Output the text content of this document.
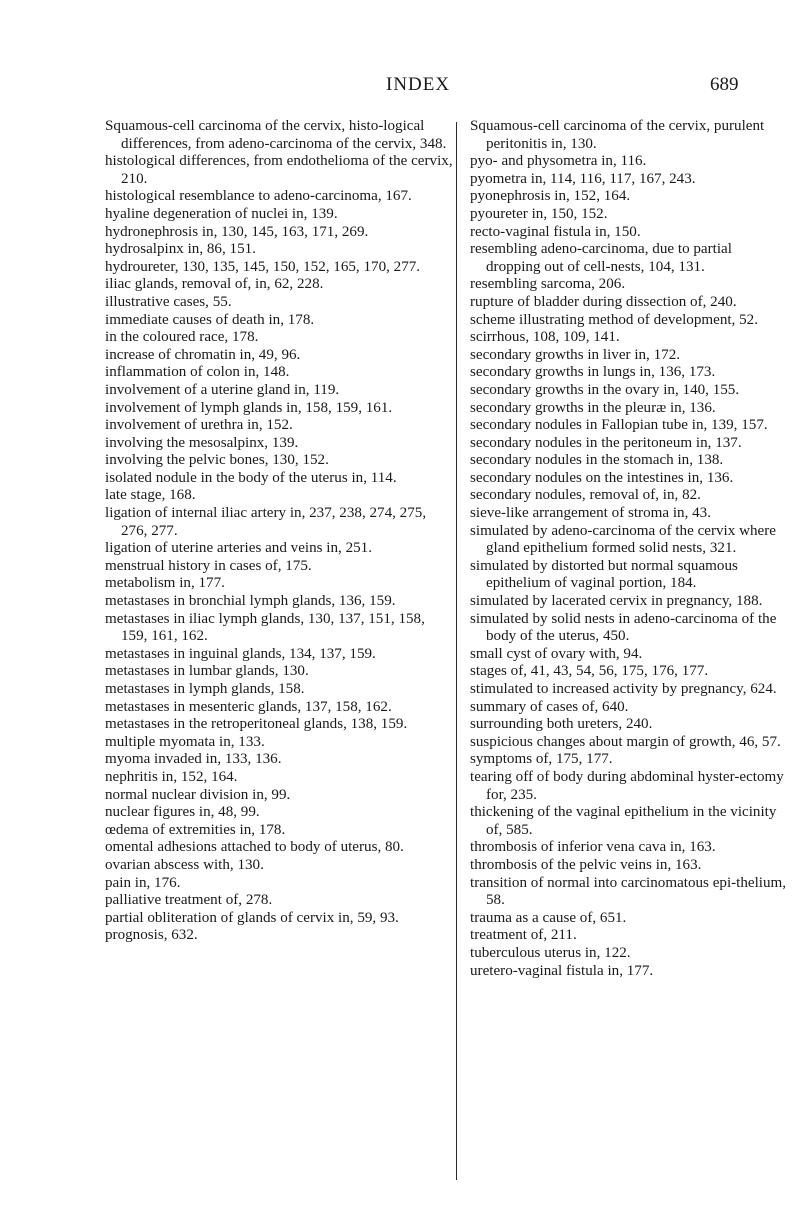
INDEX	689

Squamous-cell carcinoma of the cervix, histo-logical differences, from adeno-carcinoma of the cervix, 348.

histological differences, from endothelioma of the cervix, 210.

histological resemblance to adeno-carcinoma, 167.

hyaline degeneration of nuclei in, 139.

hydronephrosis in, 130, 145, 163, 171, 269.

hydrosalpinx in, 86, 151.

hydroureter, 130, 135, 145, 150, 152, 165, 170, 277.

iliac glands, removal of, in, 62, 228.

illustrative cases, 55.

immediate causes of death in, 178.

in the coloured race, 178.

increase of chromatin in, 49, 96.

inflammation of colon in, 148.

involvement of a uterine gland in, 119.

involvement of lymph glands in, 158, 159, 161.

involvement of urethra in, 152.

involving the mesosalpinx, 139.

involving the pelvic bones, 130, 152.

isolated nodule in the body of the uterus in, 114.

late stage, 168.

ligation of internal iliac artery in, 237, 238, 274, 275, 276, 277.

ligation of uterine arteries and veins in, 251.

menstrual history in cases of, 175.

metabolism in, 177.

metastases in bronchial lymph glands, 136, 159.

metastases in iliac lymph glands, 130, 137, 151, 158, 159, 161, 162.

metastases in inguinal glands, 134, 137, 159.

metastases in lumbar glands, 130.

metastases in lymph glands, 158.

metastases in mesenteric glands, 137, 158, 162.

metastases in the retroperitoneal glands, 138, 159.

multiple myomata in, 133.

myoma invaded in, 133, 136.

nephritis in, 152, 164.

normal nuclear division in, 99.

nuclear figures in, 48, 99.

œdema of extremities in, 178.

omental adhesions attached to body of uterus, 80.

ovarian abscess with, 130.

pain in, 176.

palliative treatment of, 278.

partial obliteration of glands of cervix in, 59, 93.

prognosis, 632.

Squamous-cell carcinoma of the cervix, purulent peritonitis in, 130.

pyo- and physometra in, 116.

pyometra in, 114, 116, 117, 167, 243.

pyonephrosis in, 152, 164.

pyoureter in, 150, 152.

recto-vaginal fistula in, 150.

resembling adeno-carcinoma, due to partial dropping out of cell-nests, 104, 131.

resembling sarcoma, 206.

rupture of bladder during dissection of, 240.

scheme illustrating method of development, 52.

scirrhous, 108, 109, 141.

secondary growths in liver in, 172.

secondary growths in lungs in, 136, 173.

secondary growths in the ovary in, 140, 155.

secondary growths in the pleuræ in, 136.

secondary nodules in Fallopian tube in, 139, 157.

secondary nodules in the peritoneum in, 137.

secondary nodules in the stomach in, 138.

secondary nodules on the intestines in, 136.

secondary nodules, removal of, in, 82.

sieve-like arrangement of stroma in, 43.

simulated by adeno-carcinoma of the cervix where gland epithelium formed solid nests, 321.

simulated by distorted but normal squamous epithelium of vaginal portion, 184.

simulated by lacerated cervix in pregnancy, 188.

simulated by solid nests in adeno-carcinoma of the body of the uterus, 450.

small cyst of ovary with, 94.

stages of, 41, 43, 54, 56, 175, 176, 177.

stimulated to increased activity by pregnancy, 624.

summary of cases of, 640.

surrounding both ureters, 240.

suspicious changes about margin of growth, 46, 57.

symptoms of, 175, 177.

tearing off of body during abdominal hyster-ectomy for, 235.

thickening of the vaginal epithelium in the vicinity of, 585.

thrombosis of inferior vena cava in, 163.

thrombosis of the pelvic veins in, 163.

transition of normal into carcinomatous epi-thelium, 58.

trauma as a cause of, 651.

treatment of, 211.

tuberculous uterus in, 122.

uretero-vaginal fistula in, 177.
